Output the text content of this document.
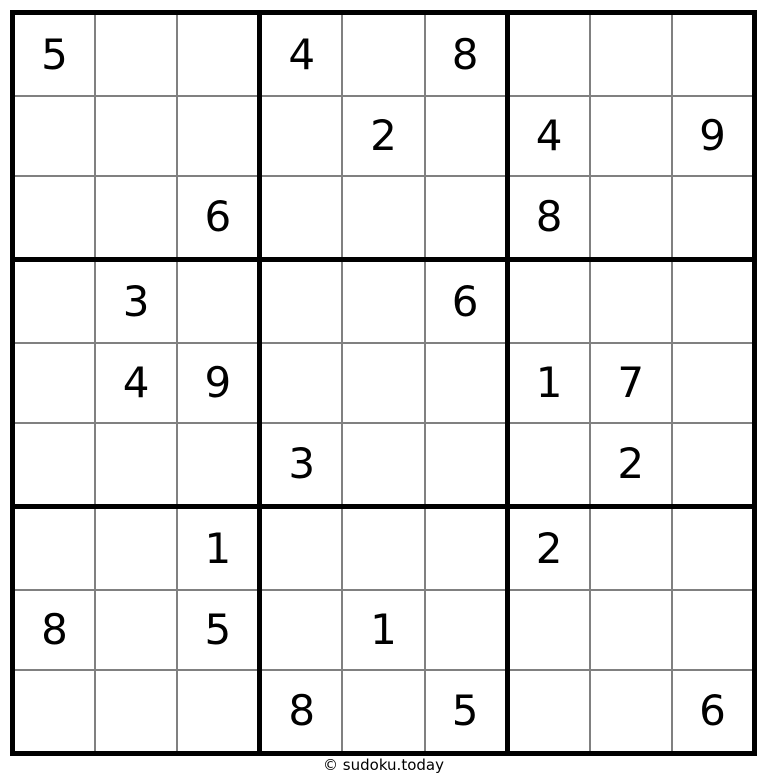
5			4		8			
				2		4		9
		6				8		
	3				6			
	4	9				1	7	
			3				2	
		1				2		
8		5		1				
			8		5			6
© sudoku.today
